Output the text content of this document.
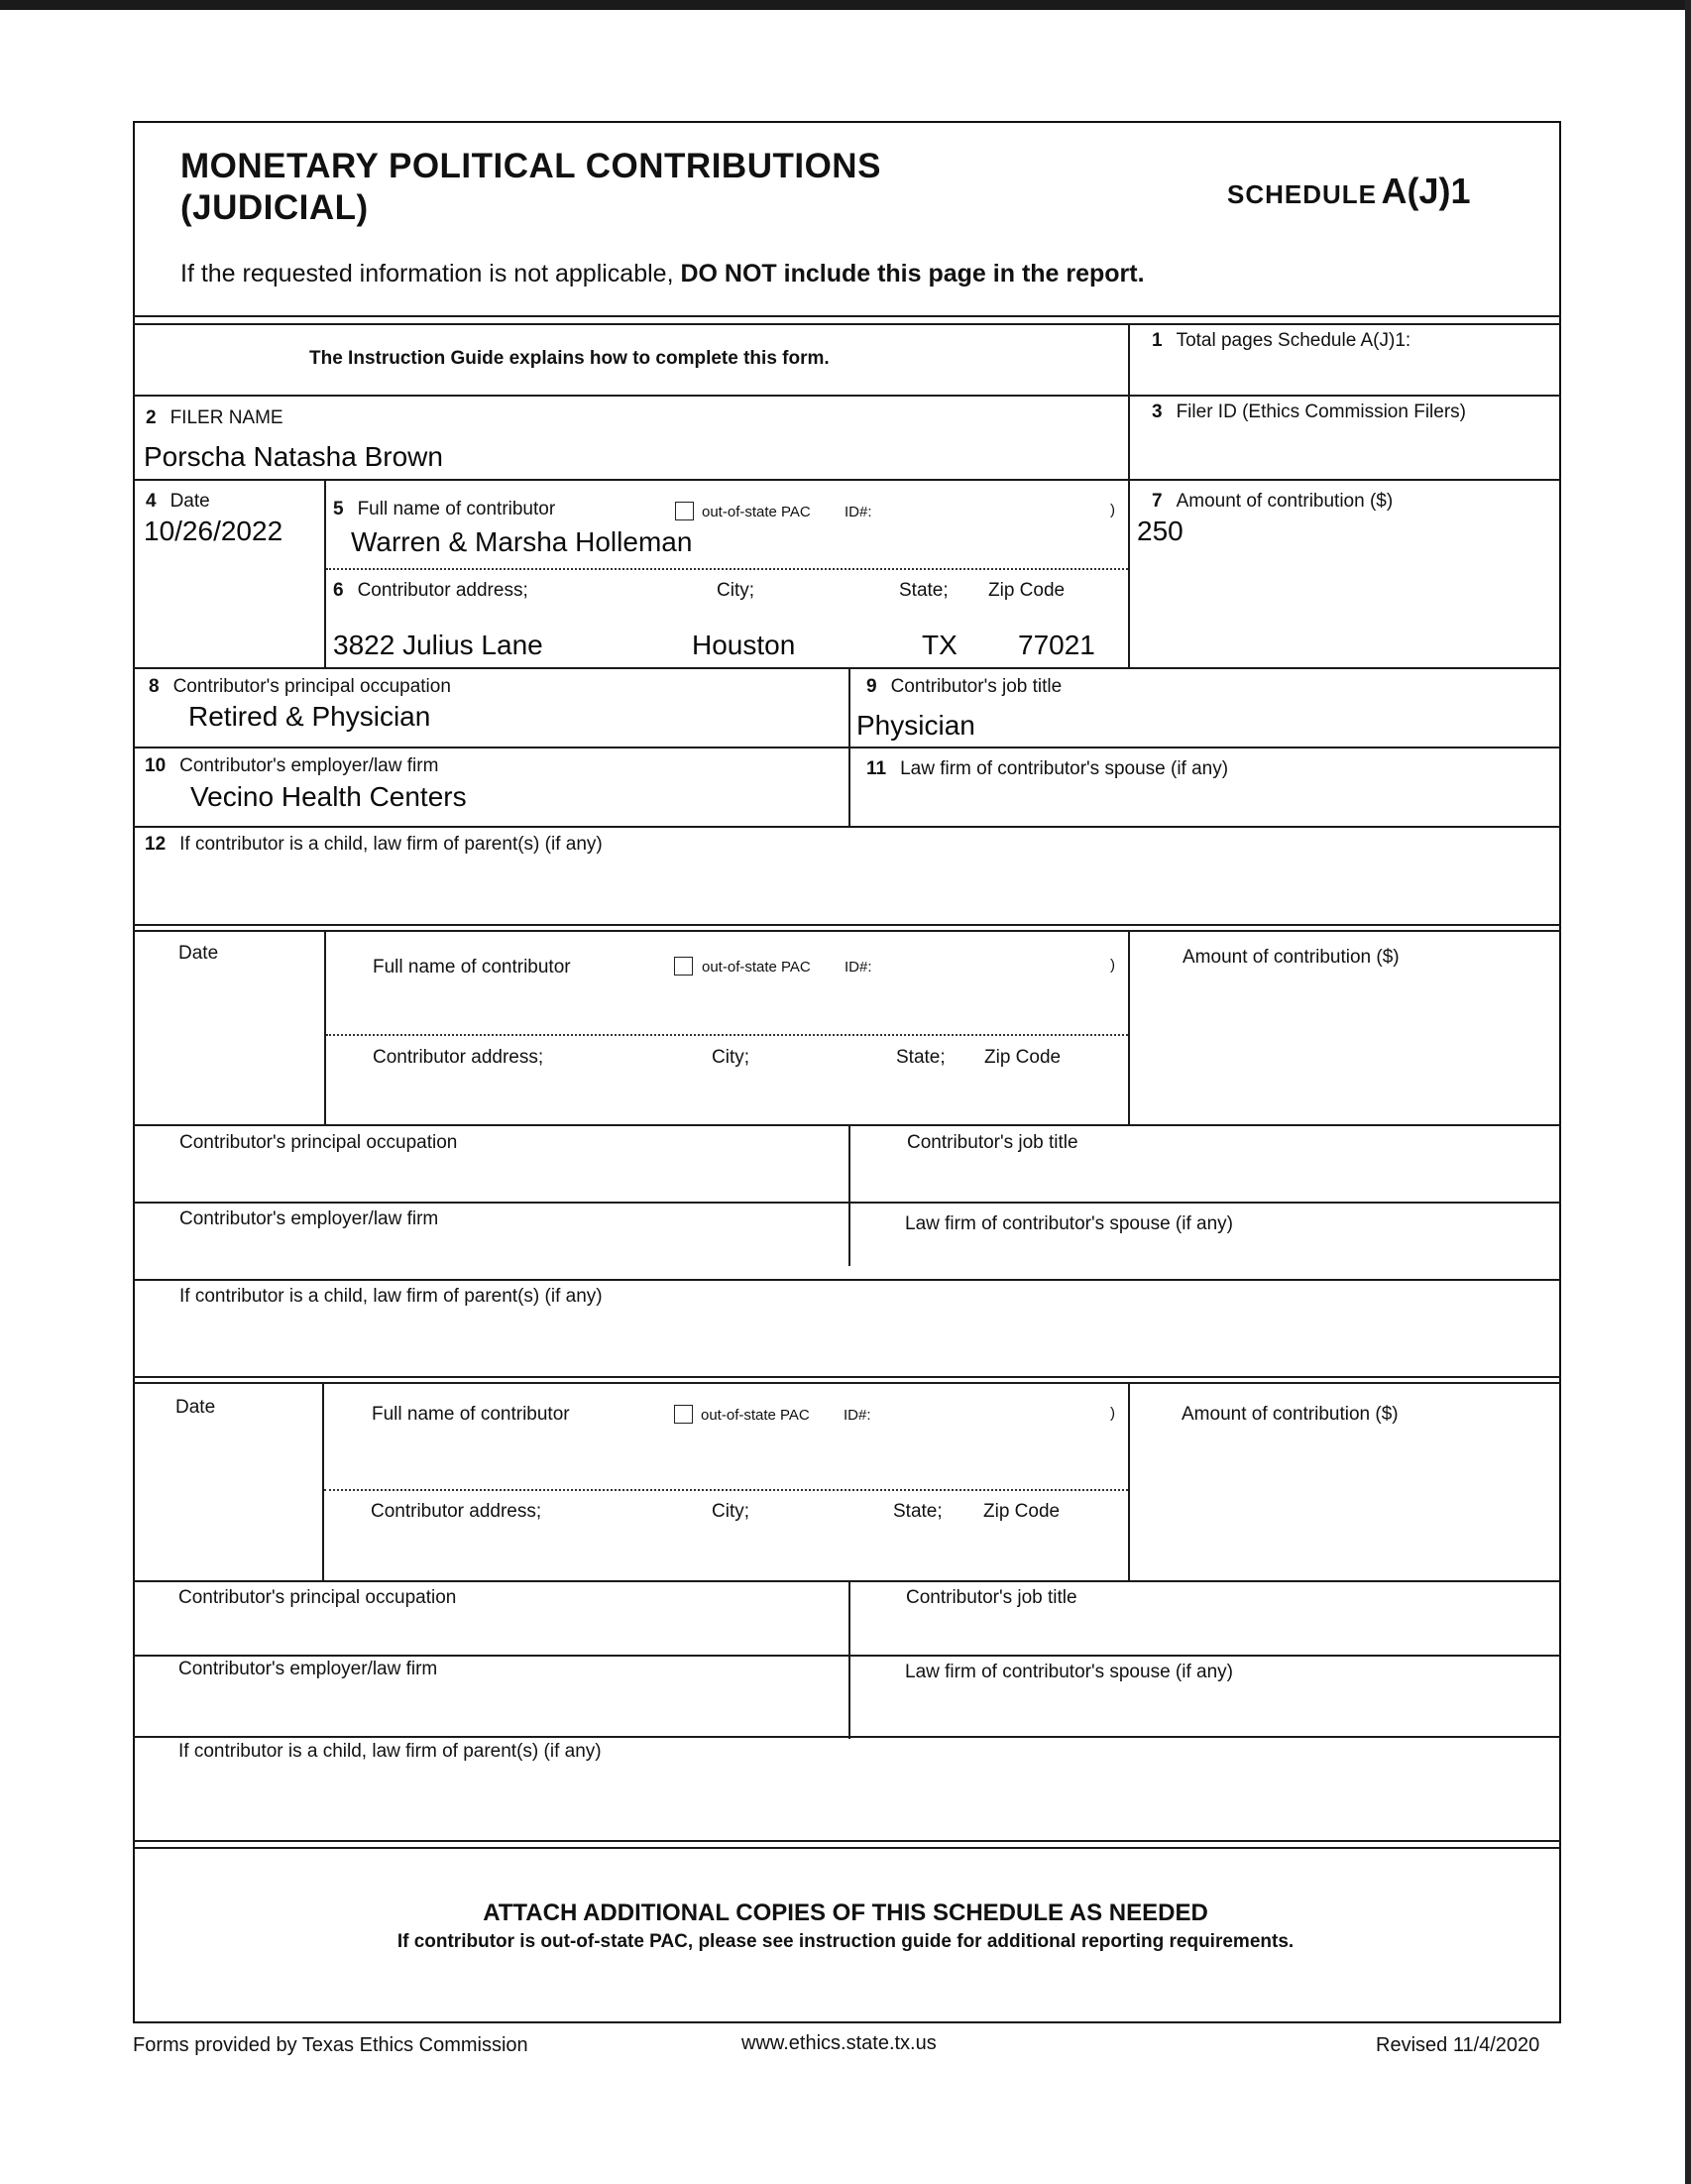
MONETARY POLITICAL CONTRIBUTIONS
(JUDICIAL)	SCHEDULE A(J)1
If the requested information is not applicable, DO NOT include this page in the report.
The Instruction Guide explains how to complete this form.
1 Total pages Schedule A(J)1:
2 FILER NAME
Porscha Natasha Brown
3 Filer ID (Ethics Commission Filers)
4 Date
10/26/2022
5 Full name of contributor	out-of-state PAC ID#:	)
Warren & Marsha Holleman
6 Contributor address;	City;	State; Zip Code
3822 Julius Lane	Houston	TX 77021
7 Amount of contribution ($)
250
8 Contributor's principal occupation
Retired & Physician
9 Contributor's job title
Physician
10 Contributor's employer/law firm
Vecino Health Centers
11 Law firm of contributor's spouse (if any)
12 If contributor is a child, law firm of parent(s) (if any)
Date
Full name of contributor	out-of-state PAC ID#:	)	Amount of contribution ($)
Contributor address;	City;	State; Zip Code
Contributor's principal occupation	Contributor's job title
Contributor's employer/law firm	Law firm of contributor's spouse (if any)
If contributor is a child, law firm of parent(s) (if any)
Date	Full name of contributor	out-of-state PAC ID#:	)	Amount of contribution ($)
Contributor address;	City;	State; Zip Code
Contributor's principal occupation	Contributor's job title
Contributor's employer/law firm	Law firm of contributor's spouse (if any)
If contributor is a child, law firm of parent(s) (if any)
ATTACH ADDITIONAL COPIES OF THIS SCHEDULE AS NEEDED
If contributor is out-of-state PAC, please see instruction guide for additional reporting requirements.
Forms provided by Texas Ethics Commission	www.ethics.state.tx.us	Revised 11/4/2020
